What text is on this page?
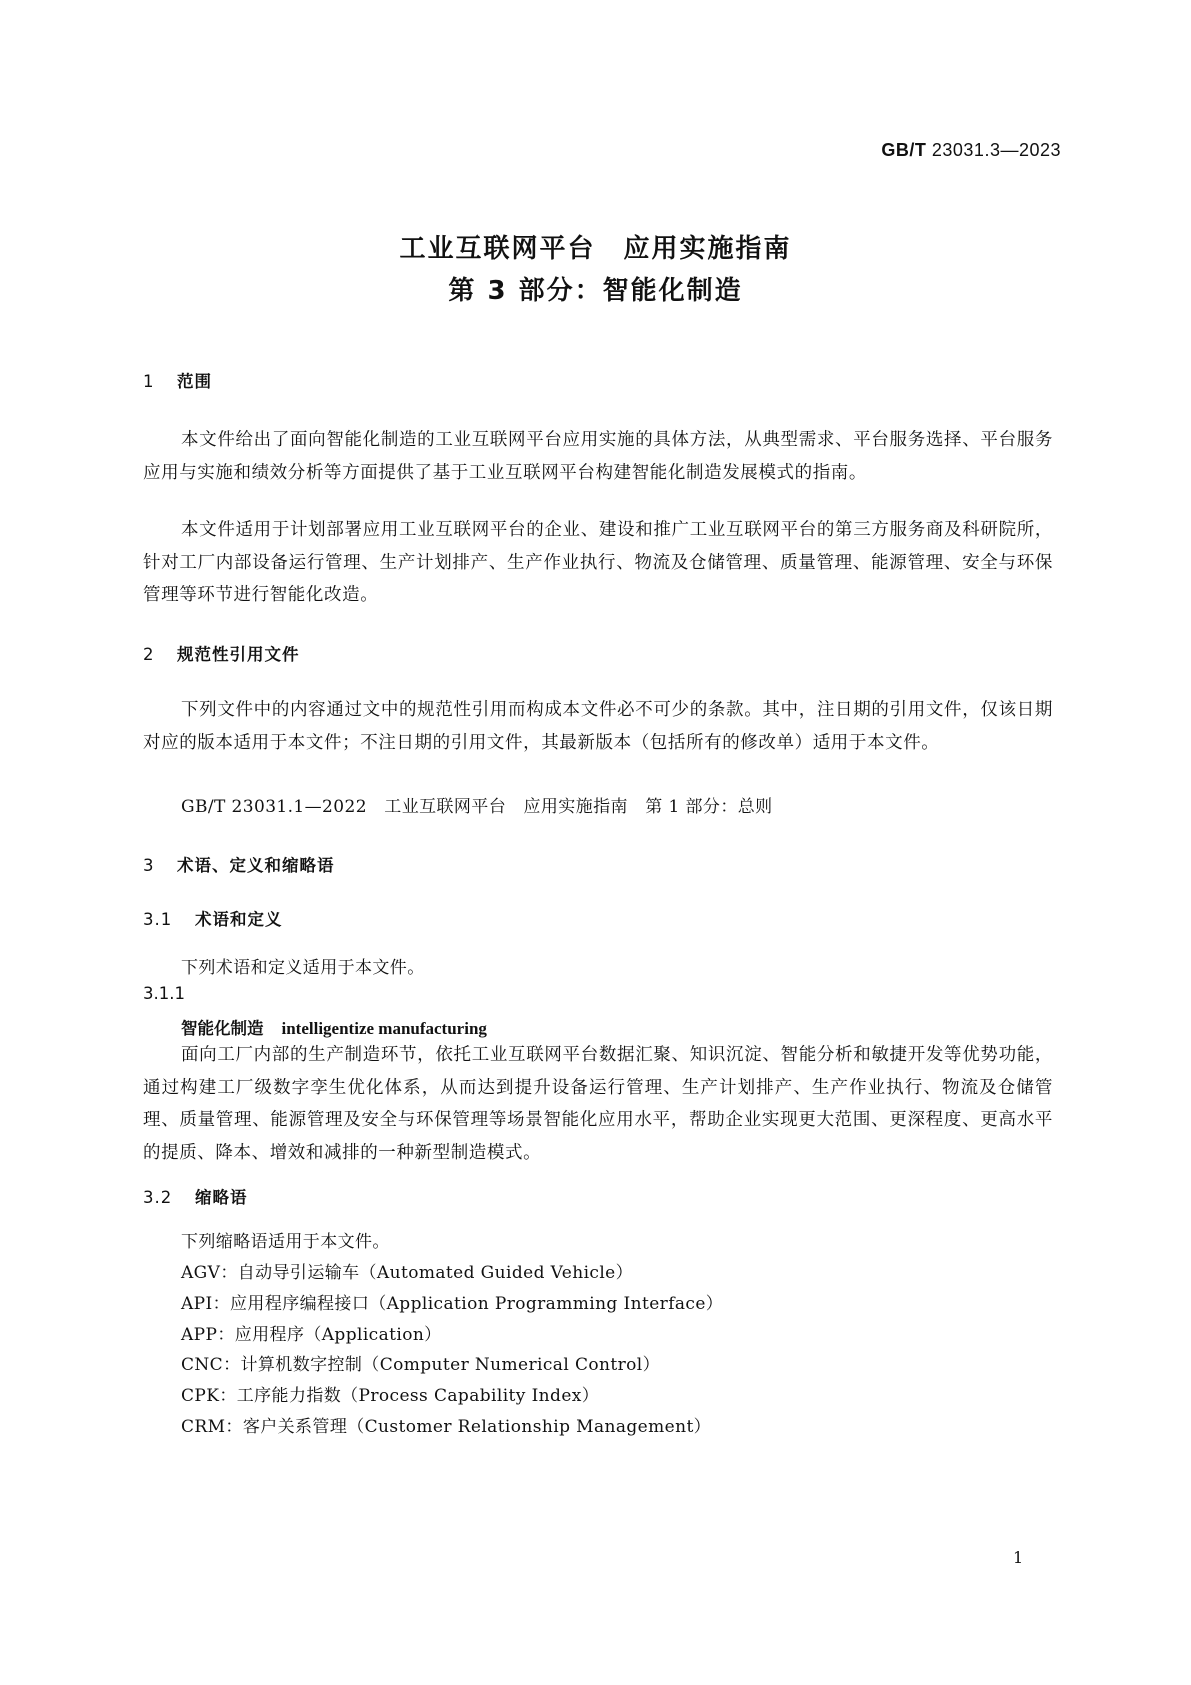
GB/T 23031.3—2023
工业互联网平台　应用实施指南
第 3 部分：智能化制造
1 范围
本文件给出了面向智能化制造的工业互联网平台应用实施的具体方法，从典型需求、平台服务选择、平台服务应用与实施和绩效分析等方面提供了基于工业互联网平台构建智能化制造发展模式的指南。
本文件适用于计划部署应用工业互联网平台的企业、建设和推广工业互联网平台的第三方服务商及科研院所，针对工厂内部设备运行管理、生产计划排产、生产作业执行、物流及仓储管理、质量管理、能源管理、安全与环保管理等环节进行智能化改造。
2 规范性引用文件
下列文件中的内容通过文中的规范性引用而构成本文件必不可少的条款。其中，注日期的引用文件，仅该日期对应的版本适用于本文件；不注日期的引用文件，其最新版本（包括所有的修改单）适用于本文件。
GB/T 23031.1—2022　工业互联网平台　应用实施指南　第 1 部分：总则
3 术语、定义和缩略语
3.1 术语和定义
下列术语和定义适用于本文件。
3.1.1
智能化制造 intelligentize manufacturing
面向工厂内部的生产制造环节，依托工业互联网平台数据汇聚、知识沉淀、智能分析和敏捷开发等优势功能，通过构建工厂级数字孪生优化体系，从而达到提升设备运行管理、生产计划排产、生产作业执行、物流及仓储管理、质量管理、能源管理及安全与环保管理等场景智能化应用水平，帮助企业实现更大范围、更深程度、更高水平的提质、降本、增效和减排的一种新型制造模式。
3.2 缩略语
下列缩略语适用于本文件。
AGV：自动导引运输车（Automated Guided Vehicle）
API：应用程序编程接口（Application Programming Interface）
APP：应用程序（Application）
CNC：计算机数字控制（Computer Numerical Control）
CPK：工序能力指数（Process Capability Index）
CRM：客户关系管理（Customer Relationship Management）
1
